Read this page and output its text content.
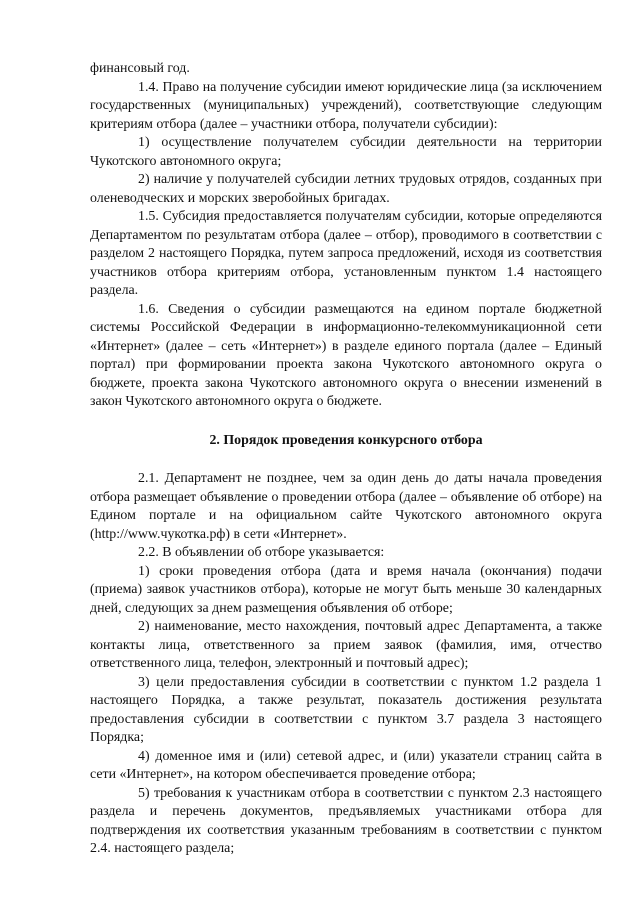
финансовый год.

1.4. Право на получение субсидии имеют юридические лица (за исключением государственных (муниципальных) учреждений), соответствующие следующим критериям отбора (далее – участники отбора, получатели субсидии):

1) осуществление получателем субсидии деятельности на территории Чукотского автономного округа;

2) наличие у получателей субсидии летних трудовых отрядов, созданных при оленеводческих и морских зверобойных бригадах.

1.5. Субсидия предоставляется получателям субсидии, которые определяются Департаментом по результатам отбора (далее – отбор), проводимого в соответствии с разделом 2 настоящего Порядка, путем запроса предложений, исходя из соответствия участников отбора критериям отбора, установленным пунктом 1.4 настоящего раздела.

1.6. Сведения о субсидии размещаются на едином портале бюджетной системы Российской Федерации в информационно-телекоммуникационной сети «Интернет» (далее – сеть «Интернет») в разделе единого портала (далее – Единый портал) при формировании проекта закона Чукотского автономного округа о бюджете, проекта закона Чукотского автономного округа о внесении изменений в закон Чукотского автономного округа о бюджете.

2. Порядок проведения конкурсного отбора

2.1. Департамент не позднее, чем за один день до даты начала проведения отбора размещает объявление о проведении отбора (далее – объявление об отборе) на Едином портале и на официальном сайте Чукотского автономного округа (http://www.чукотка.рф) в сети «Интернет».

2.2. В объявлении об отборе указывается:

1) сроки проведения отбора (дата и время начала (окончания) подачи (приема) заявок участников отбора), которые не могут быть меньше 30 календарных дней, следующих за днем размещения объявления об отборе;

2) наименование, место нахождения, почтовый адрес Департамента, а также контакты лица, ответственного за прием заявок (фамилия, имя, отчество ответственного лица, телефон, электронный и почтовый адрес);

3) цели предоставления субсидии в соответствии с пунктом 1.2 раздела 1 настоящего Порядка, а также результат, показатель достижения результата предоставления субсидии в соответствии с пунктом 3.7 раздела 3 настоящего Порядка;

4) доменное имя и (или) сетевой адрес, и (или) указатели страниц сайта в сети «Интернет», на котором обеспечивается проведение отбора;

5) требования к участникам отбора в соответствии с пунктом 2.3 настоящего раздела и перечень документов, предъявляемых участниками отбора для подтверждения их соответствия указанным требованиям в соответствии с пунктом 2.4. настоящего раздела;
